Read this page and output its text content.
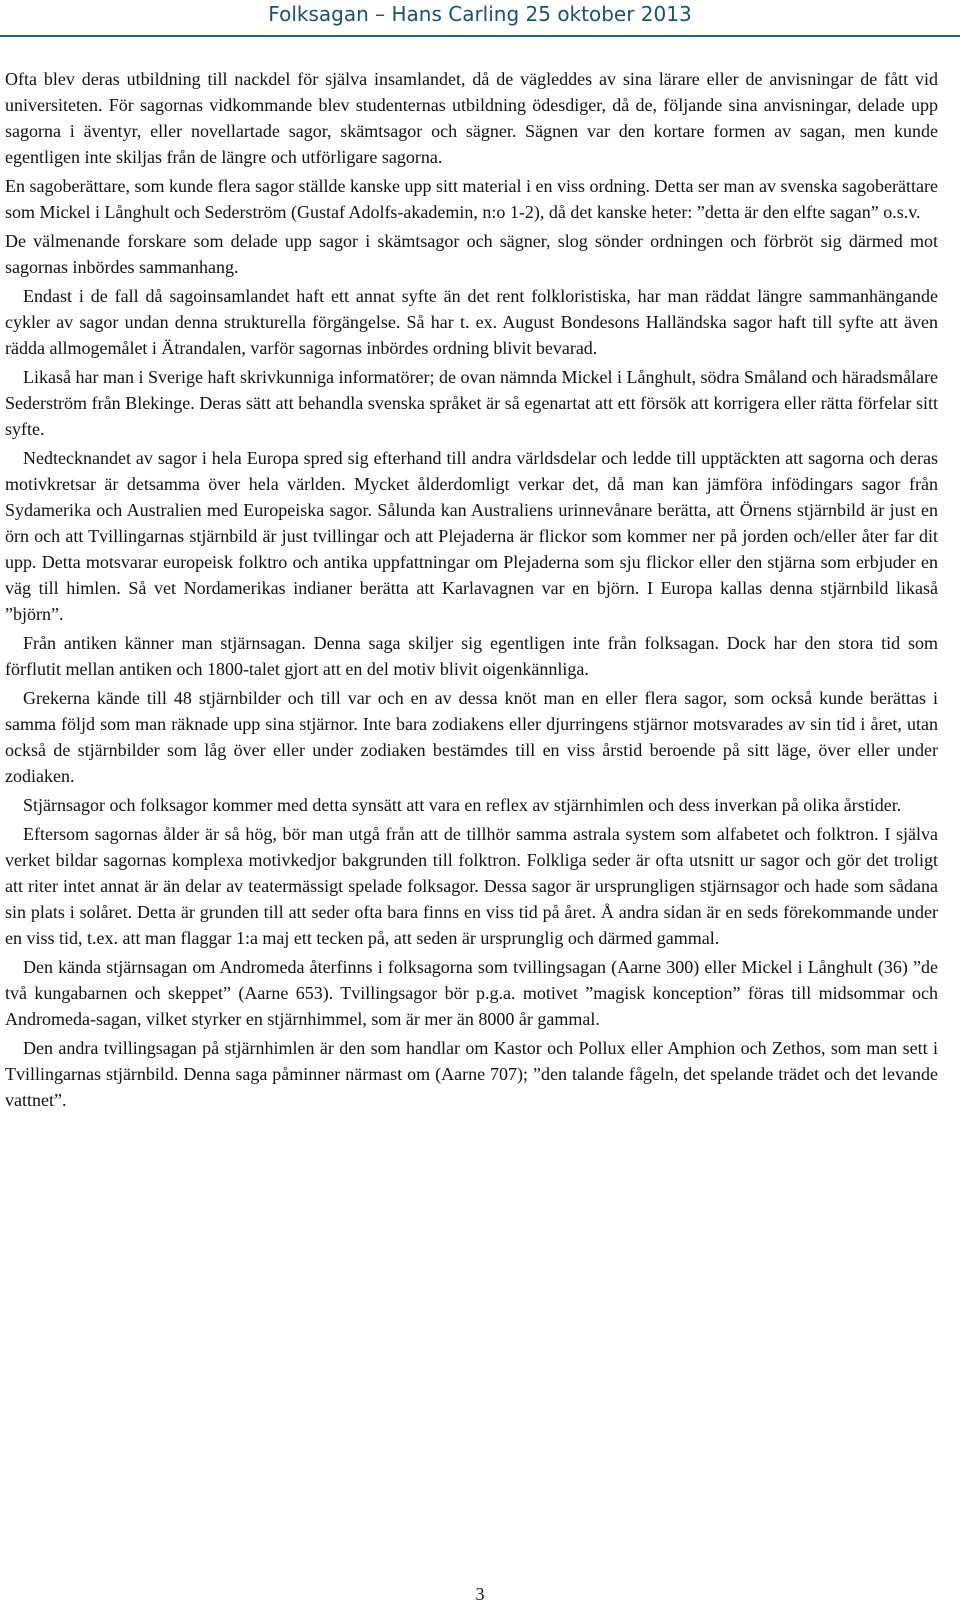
Folksagan – Hans Carling 25 oktober 2013

Ofta blev deras utbildning till nackdel för själva insamlandet, då de vägleddes av sina lärare eller de anvisningar de fått vid universiteten. För sagornas vidkommande blev studenternas utbildning ödesdiger, då de, följande sina anvisningar, delade upp sagorna i äventyr, eller novellartade sagor, skämtsagor och sägner. Sägnen var den kortare formen av sagan, men kunde egentligen inte skiljas från de längre och utförligare sagorna.

En sagoberättare, som kunde flera sagor ställde kanske upp sitt material i en viss ordning. Detta ser man av svenska sagoberättare som Mickel i Långhult och Sederström (Gustaf Adolfs-akademin, n:o 1-2), då det kanske heter: ”detta är den elfte sagan” o.s.v.

De välmenande forskare som delade upp sagor i skämtsagor och sägner, slog sönder ordningen och förbröt sig därmed mot sagornas inbördes sammanhang.

Endast i de fall då sagoinsamlandet haft ett annat syfte än det rent folkloristiska, har man räddat längre sammanhängande cykler av sagor undan denna strukturella förgängelse. Så har t. ex. August Bondesons Halländska sagor haft till syfte att även rädda allmogemålet i Ätrandalen, varför sagornas inbördes ordning blivit bevarad.

Likaså har man i Sverige haft skrivkunniga informatörer; de ovan nämnda Mickel i Långhult, södra Småland och häradsmålare Sederström från Blekinge. Deras sätt att behandla svenska språket är så egenartat att ett försök att korrigera eller rätta förfelar sitt syfte.

Nedtecknandet av sagor i hela Europa spred sig efterhand till andra världsdelar och ledde till upptäckten att sagorna och deras motivkretsar är detsamma över hela världen. Mycket ålderdomligt verkar det, då man kan jämföra infödingars sagor från Sydamerika och Australien med Europeiska sagor. Sålunda kan Australiens urinnevånare berätta, att Örnens stjärnbild är just en örn och att Tvillingarnas stjärnbild är just tvillingar och att Plejaderna är flickor som kommer ner på jorden och/eller åter far dit upp. Detta motsvarar europeisk folktro och antika uppfattningar om Plejaderna som sju flickor eller den stjärna som erbjuder en väg till himlen. Så vet Nordamerikas indianer berätta att Karlavagnen var en björn. I Europa kallas denna stjärnbild likaså ”björn”.

Från antiken känner man stjärnsagan. Denna saga skiljer sig egentligen inte från folksagan. Dock har den stora tid som förflutit mellan antiken och 1800-talet gjort att en del motiv blivit oigenkännliga.

Grekerna kände till 48 stjärnbilder och till var och en av dessa knöt man en eller flera sagor, som också kunde berättas i samma följd som man räknade upp sina stjärnor. Inte bara zodiakens eller djurringens stjärnor motsvarades av sin tid i året, utan också de stjärnbilder som låg över eller under zodiaken bestämdes till en viss årstid beroende på sitt läge, över eller under zodiaken.

Stjärnsagor och folksagor kommer med detta synsätt att vara en reflex av stjärnhimlen och dess inverkan på olika årstider.

Eftersom sagornas ålder är så hög, bör man utgå från att de tillhör samma astrala system som alfabetet och folktron. I själva verket bildar sagornas komplexa motivkedjor bakgrunden till folktron. Folkliga seder är ofta utsnitt ur sagor och gör det troligt att riter intet annat är än delar av teatermässigt spelade folksagor. Dessa sagor är ursprungligen stjärnsagor och hade som sådana sin plats i solåret. Detta är grunden till att seder ofta bara finns en viss tid på året. Å andra sidan är en seds förekommande under en viss tid, t.ex. att man flaggar 1:a maj ett tecken på, att seden är ursprunglig och därmed gammal.

Den kända stjärnsagan om Andromeda återfinns i folksagorna som tvillingsagan (Aarne 300) eller Mickel i Långhult (36) ”de två kungabarnen och skeppet” (Aarne 653). Tvillingsagor bör p.g.a. motivet ”magisk konception” föras till midsommar och Andromeda-sagan, vilket styrker en stjärnhimmel, som är mer än 8000 år gammal.

Den andra tvillingsagan på stjärnhimlen är den som handlar om Kastor och Pollux eller Amphion och Zethos, som man sett i Tvillingarnas stjärnbild. Denna saga påminner närmast om (Aarne 707); ”den talande fågeln, det spelande trädet och det levande vattnet”.

3
